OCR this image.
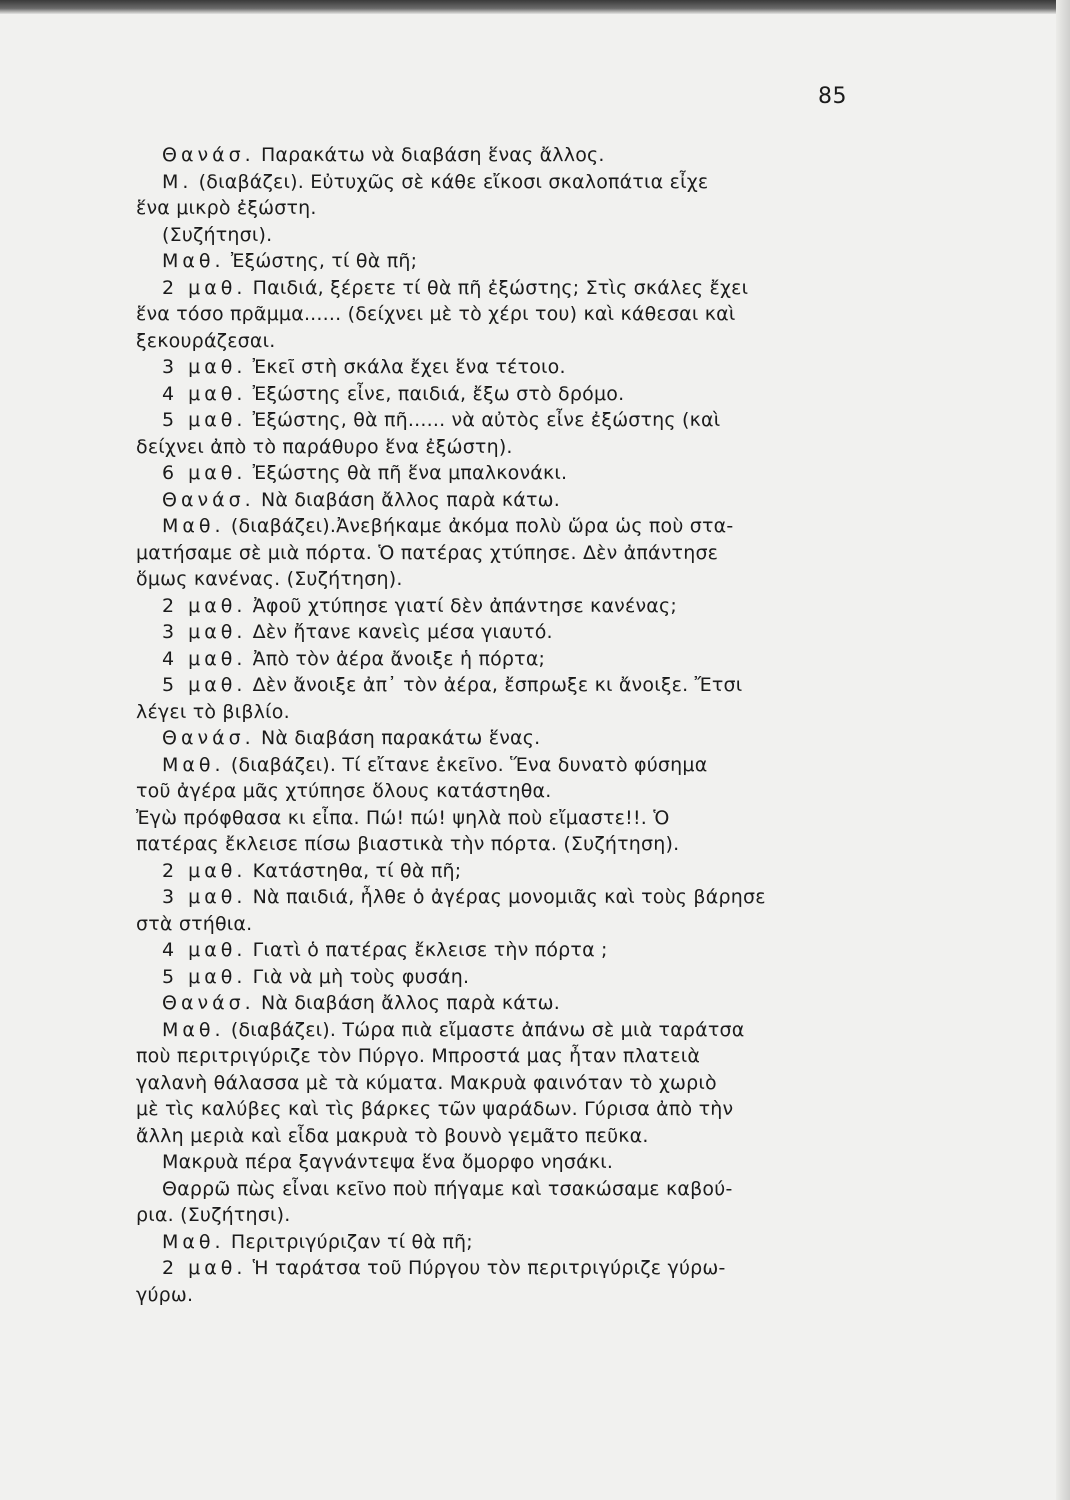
85
Θανάσ. Παρακάτω νὰ διαβάση ἕνας ἄλλος.
Μ. (διαβάζει). Εὐτυχῶς σὲ κάθε εἴκοσι σκαλοπάτια εἶχε
ἕνα μικρὸ ἐξώστη.
(Συζήτησι).
Μαθ. Ἐξώστης, τί θὰ πῆ;
2 μαθ. Παιδιά, ξέρετε τί θὰ πῆ ἐξώστης; Στὶς σκάλες ἔχει
ἕνα τόσο πρᾶμμα...... (δείχνει μὲ τὸ χέρι του) καὶ κάθεσαι καὶ
ξεκουράζεσαι.
3 μαθ. Ἐκεῖ στὴ σκάλα ἔχει ἕνα τέτοιο.
4 μαθ. Ἐξώστης εἶνε, παιδιά, ἔξω στὸ δρόμο.
5 μαθ. Ἐξώστης, θὰ πῆ...... νὰ αὐτὸς εἶνε ἐξώστης (καὶ
δείχνει ἀπὸ τὸ παράθυρο ἕνα ἐξώστη).
6 μαθ. Ἐξώστης θὰ πῆ ἕνα μπαλκονάκι.
Θανάσ. Νὰ διαβάση ἄλλος παρὰ κάτω.
Μαθ. (διαβάζει).Ἀνεβήκαμε ἀκόμα πολὺ ὥρα ὡς ποὺ στα-
ματήσαμε σὲ μιὰ πόρτα. Ὁ πατέρας χτύπησε. Δὲν ἀπάντησε
ὅμως κανένας. (Συζήτηση).
2 μαθ. Ἀφοῦ χτύπησε γιατί δὲν ἀπάντησε κανένας;
3 μαθ. Δὲν ἤτανε κανεὶς μέσα γιαυτό.
4 μαθ. Ἀπὸ τὸν ἀέρα ἄνοιξε ἡ πόρτα;
5 μαθ. Δὲν ἄνοιξε ἀπ᾽ τὸν ἀέρα, ἔσπρωξε κι ἄνοιξε. Ἔτσι
λέγει τὸ βιβλίο.
Θανάσ. Νὰ διαβάση παρακάτω ἕνας.
Μαθ. (διαβάζει). Τί εἴτανε ἐκεῖνο. Ἕνα δυνατὸ φύσημα
τοῦ ἀγέρα μᾶς χτύπησε ὅλους κατάστηθα.
Ἐγὼ πρόφθασα κι εἶπα. Πώ! πώ! ψηλὰ ποὺ εἴμαστε!!. Ὁ
πατέρας ἔκλεισε πίσω βιαστικὰ τὴν πόρτα. (Συζήτηση).
2 μαθ. Κατάστηθα, τί θὰ πῆ;
3 μαθ. Νὰ παιδιά, ἦλθε ὁ ἀγέρας μονομιᾶς καὶ τοὺς βάρησε
στὰ στήθια.
4 μαθ. Γιατὶ ὁ πατέρας ἔκλεισε τὴν πόρτα ;
5 μαθ. Γιὰ νὰ μὴ τοὺς φυσάη.
Θανάσ. Νὰ διαβάση ἄλλος παρὰ κάτω.
Μαθ. (διαβάζει). Τώρα πιὰ εἴμαστε ἀπάνω σὲ μιὰ ταράτσα
ποὺ περιτριγύριζε τὸν Πύργο. Μπροστά μας ἦταν πλατειὰ
γαλανὴ θάλασσα μὲ τὰ κύματα. Μακρυὰ φαινόταν τὸ χωριὸ
μὲ τὶς καλύβες καὶ τὶς βάρκες τῶν ψαράδων. Γύρισα ἀπὸ τὴν
ἄλλη μεριὰ καὶ εἶδα μακρυὰ τὸ βουνὸ γεμᾶτο πεῦκα.
Μακρυὰ πέρα ξαγνάντεψα ἕνα ὄμορφο νησάκι.
Θαρρῶ πὼς εἶναι κεῖνο ποὺ πήγαμε καὶ τσακώσαμε καβού-
ρια. (Συζήτησι).
Μαθ. Περιτριγύριζαν τί θὰ πῆ;
2 μαθ. Ἡ ταράτσα τοῦ Πύργου τὸν περιτριγύριζε γύρω-
γύρω.
